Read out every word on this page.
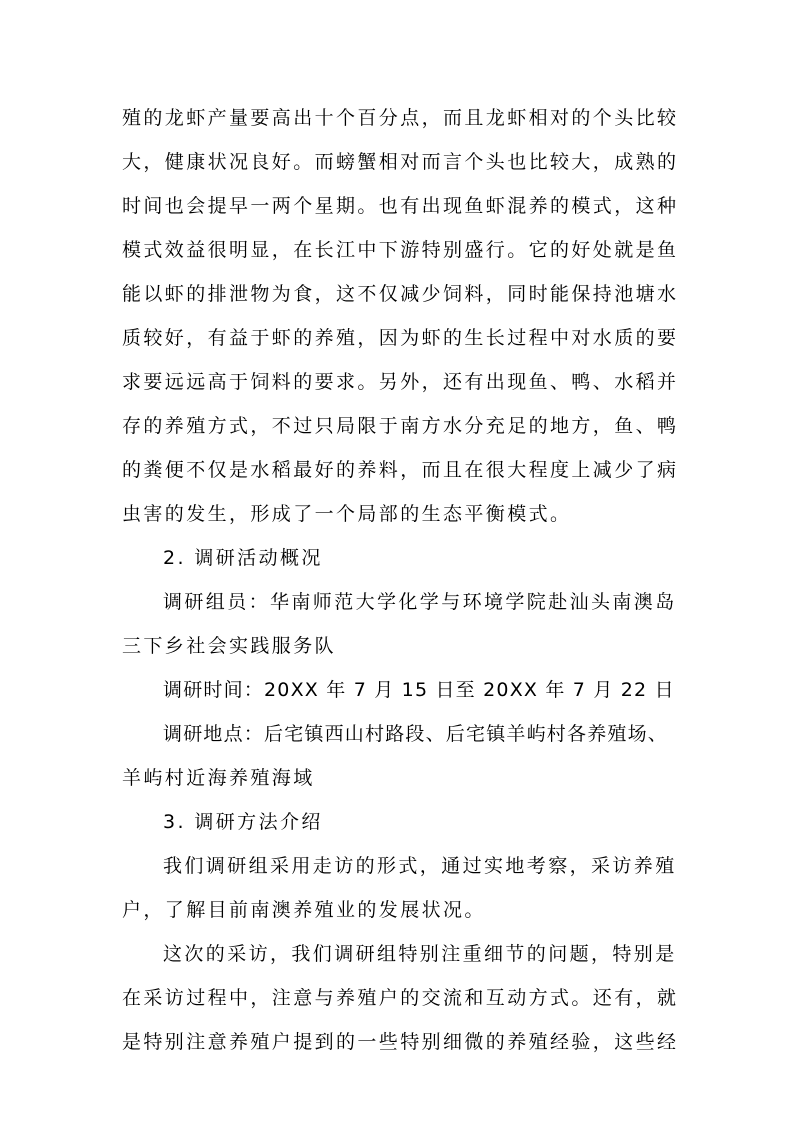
殖的龙虾产量要高出十个百分点，而且龙虾相对的个头比较
大，健康状况良好。而螃蟹相对而言个头也比较大，成熟的
时间也会提早一两个星期。也有出现鱼虾混养的模式，这种
模式效益很明显，在长江中下游特别盛行。它的好处就是鱼
能以虾的排泄物为食，这不仅减少饲料，同时能保持池塘水
质较好，有益于虾的养殖，因为虾的生长过程中对水质的要
求要远远高于饲料的要求。另外，还有出现鱼、鸭、水稻并
存的养殖方式，不过只局限于南方水分充足的地方，鱼、鸭
的粪便不仅是水稻最好的养料，而且在很大程度上减少了病
虫害的发生，形成了一个局部的生态平衡模式。
2. 调研活动概况
调研组员：华南师范大学化学与环境学院赴汕头南澳岛
三下乡社会实践服务队
调研时间：20XX 年 7 月 15 日至 20XX 年 7 月 22 日
调研地点：后宅镇西山村路段、后宅镇羊屿村各养殖场、
羊屿村近海养殖海域
3. 调研方法介绍
我们调研组采用走访的形式，通过实地考察，采访养殖
户，了解目前南澳养殖业的发展状况。
这次的采访，我们调研组特别注重细节的问题，特别是
在采访过程中，注意与养殖户的交流和互动方式。还有，就
是特别注意养殖户提到的一些特别细微的养殖经验，这些经
